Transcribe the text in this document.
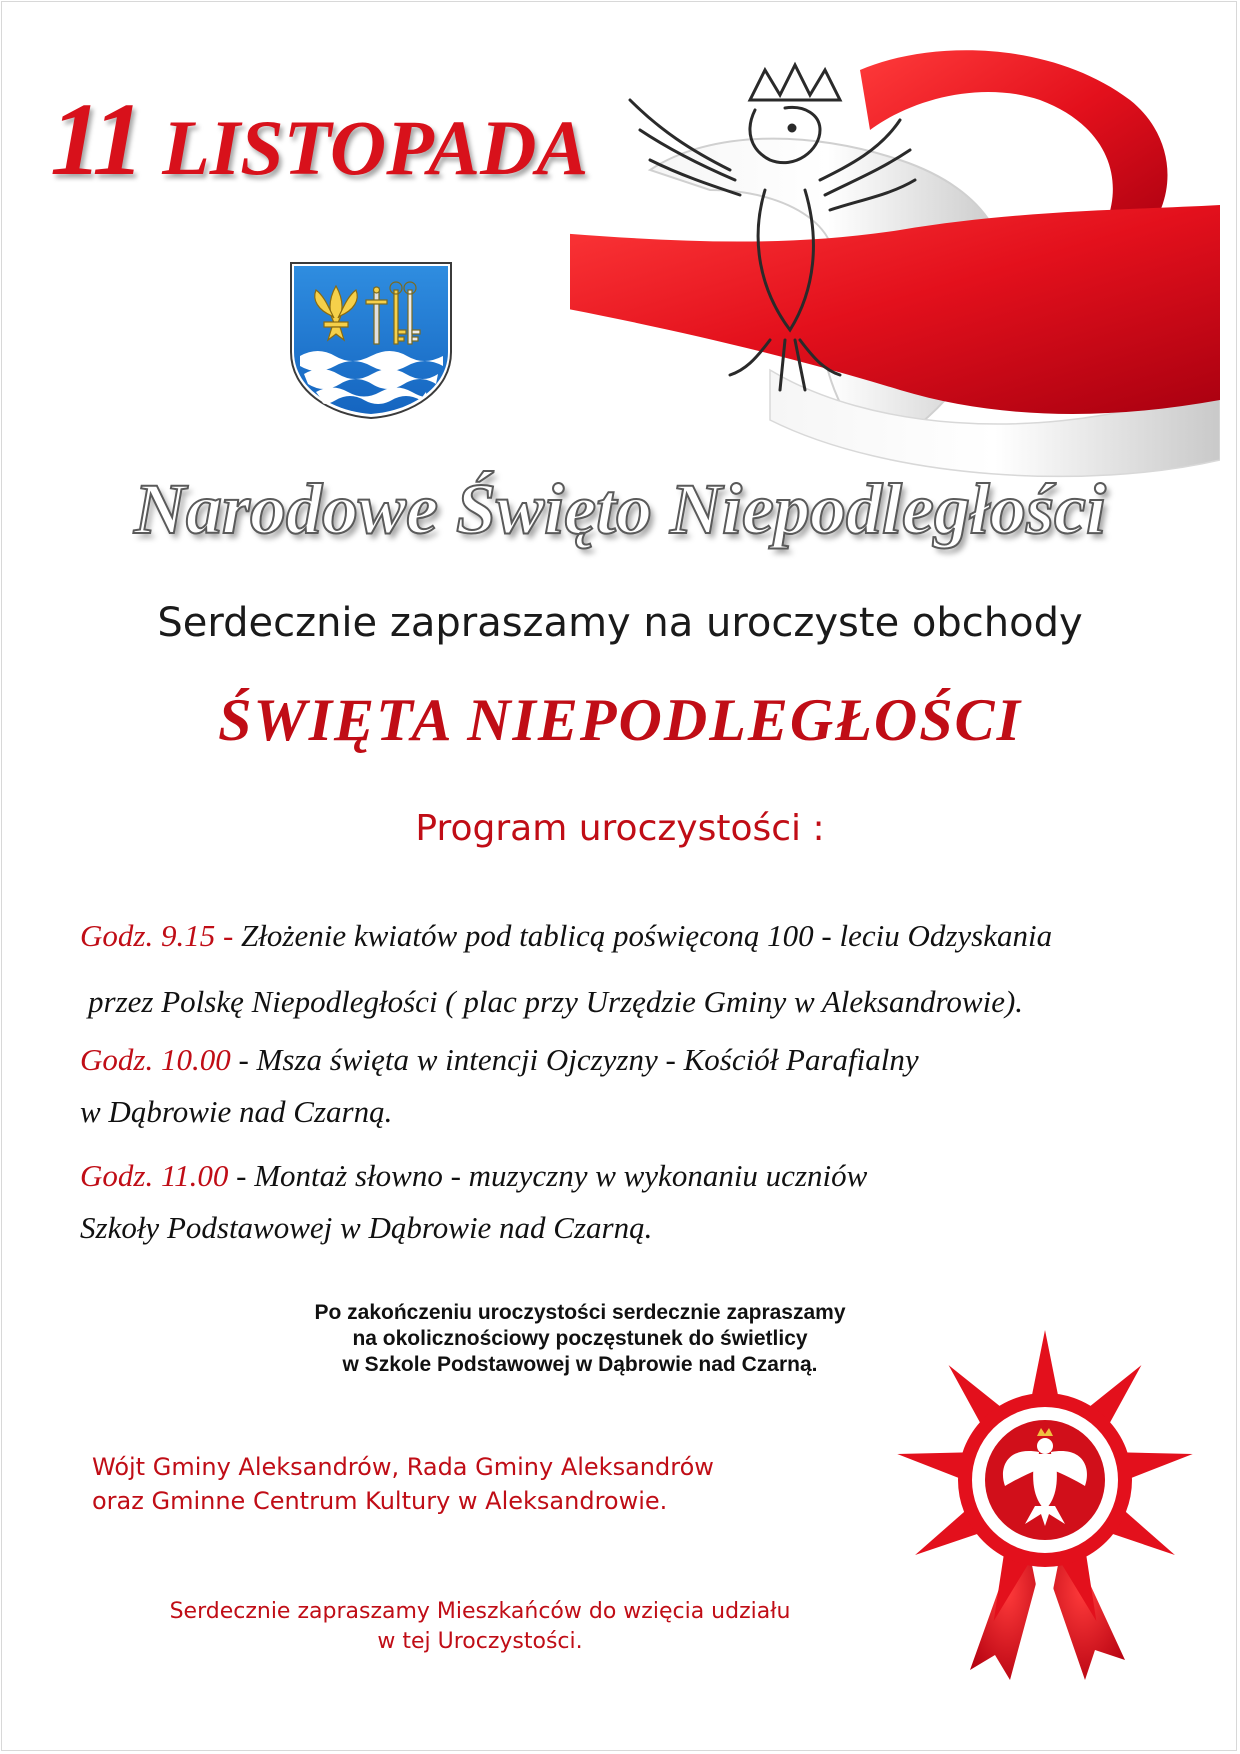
11 LISTOPADA
Narodowe Święto Niepodległości
Serdecznie zapraszamy na uroczyste obchody
ŚWIĘTA NIEPODLEGŁOŚCI
Program uroczystości :
Godz. 9.15 - Złożenie kwiatów pod tablicą poświęconą 100 - leciu Odzyskania
przez Polskę Niepodległości ( plac przy Urzędzie Gminy w Aleksandrowie).
Godz. 10.00 - Msza święta w intencji Ojczyzny - Kościół Parafialny
w Dąbrowie nad Czarną.
Godz. 11.00 - Montaż słowno - muzyczny w wykonaniu uczniów
Szkoły Podstawowej w Dąbrowie nad Czarną.
Po zakończeniu uroczystości serdecznie zapraszamy
na okolicznościowy poczęstunek do świetlicy
w Szkole Podstawowej w Dąbrowie nad Czarną.
Wójt Gminy Aleksandrów, Rada Gminy Aleksandrów
oraz Gminne Centrum Kultury w Aleksandrowie.
Serdecznie zapraszamy Mieszkańców do wzięcia udziału
w tej Uroczystości.
